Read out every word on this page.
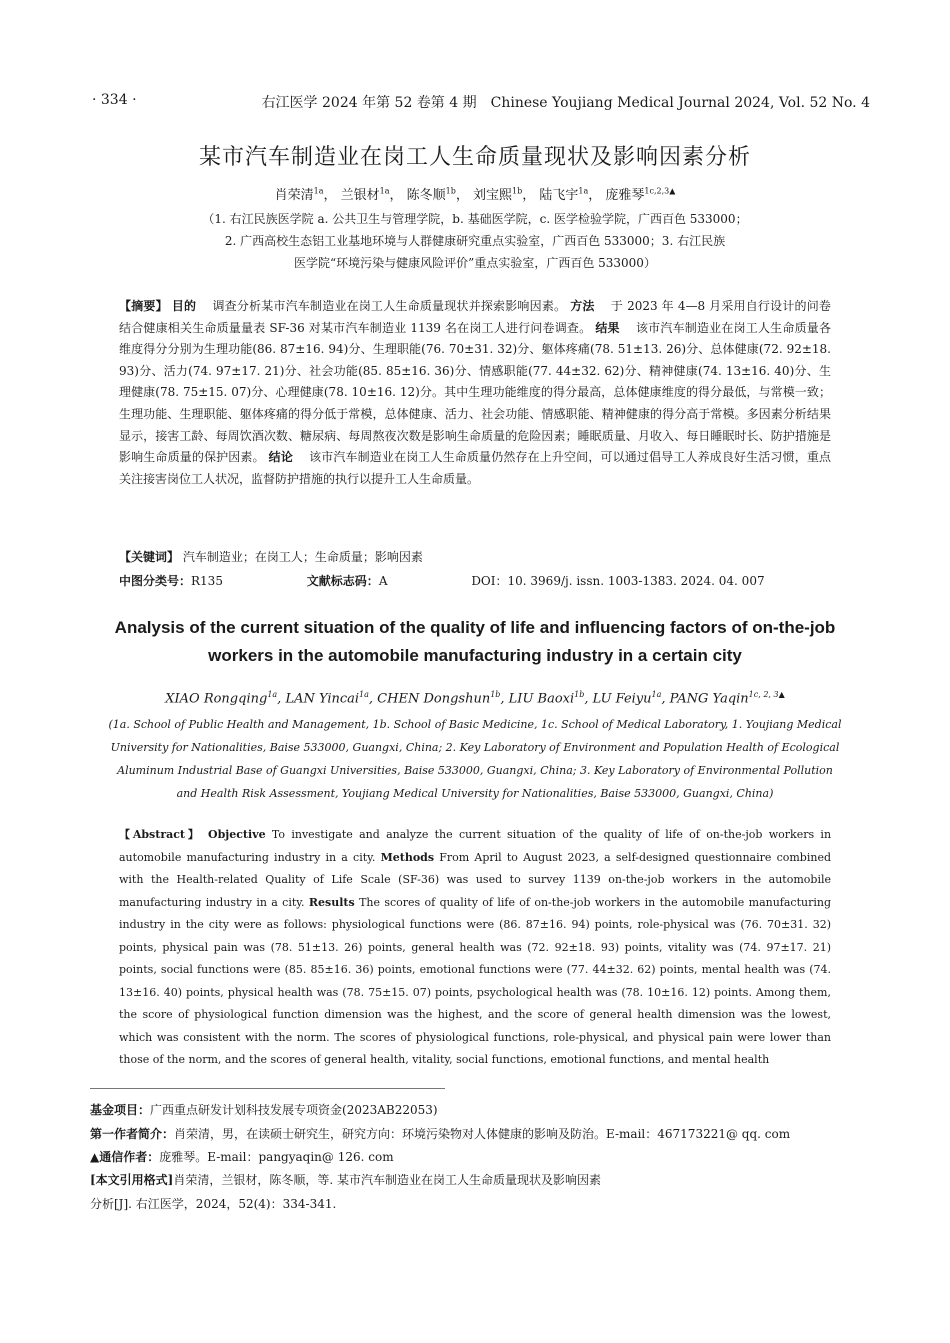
· 334 ·	右江医学 2024 年第 52 卷第 4 期　Chinese Youjiang Medical Journal 2024, Vol. 52 No. 4
某市汽车制造业在岗工人生命质量现状及影响因素分析
肖荣清$^{1a}$， 兰银材$^{1a}$， 陈冬顺$^{1b}$， 刘宝熙$^{1b}$， 陆飞宇$^{1a}$， 庞雅琴$^{1c,2,3▲}$
（1. 右江民族医学院 a. 公共卫生与管理学院，b. 基础医学院，c. 医学检验学院，广西百色 533000；
2. 广西高校生态铝工业基地环境与人群健康研究重点实验室，广西百色 533000；3. 右江民族
医学院“环境污染与健康风险评价”重点实验室，广西百色 533000）
【摘要】 目的　 调查分析某市汽车制造业在岗工人生命质量现状并探索影响因素。 方法　 于 2023 年 4—8 月采用自行设计的问卷结合健康相关生命质量量表 SF-36 对某市汽车制造业 1139 名在岗工人进行问卷调查。 结果　 该市汽车制造业在岗工人生命质量各维度得分分别为生理功能(86. 87±16. 94)分、生理职能(76. 70±31. 32)分、躯体疼痛(78. 51±13. 26)分、总体健康(72. 92±18. 93)分、活力(74. 97±17. 21)分、社会功能(85. 85±16. 36)分、情感职能(77. 44±32. 62)分、精神健康(74. 13±16. 40)分、生理健康(78. 75±15. 07)分、心理健康(78. 10±16. 12)分。其中生理功能维度的得分最高，总体健康维度的得分最低，与常模一致；生理功能、生理职能、躯体疼痛的得分低于常模，总体健康、活力、社会功能、情感职能、精神健康的得分高于常模。多因素分析结果显示，接害工龄、每周饮酒次数、糖尿病、每周熬夜次数是影响生命质量的危险因素；睡眠质量、月收入、每日睡眠时长、防护措施是影响生命质量的保护因素。 结论　 该市汽车制造业在岗工人生命质量仍然存在上升空间，可以通过倡导工人养成良好生活习惯，重点关注接害岗位工人状况，监督防护措施的执行以提升工人生命质量。
【关键词】 汽车制造业；在岗工人；生命质量；影响因素
中图分类号：R135	文献标志码：A	DOI：10. 3969/j. issn. 1003-1383. 2024. 04. 007
Analysis of the current situation of the quality of life and influencing factors of on-the-job workers in the automobile manufacturing industry in a certain city
XIAO Rongqing$^{1a}$, LAN Yincai$^{1a}$, CHEN Dongshun$^{1b}$, LIU Baoxi$^{1b}$, LU Feiyu$^{1a}$, PANG Yaqin$^{1c, 2, 3▲}$
(1a. School of Public Health and Management, 1b. School of Basic Medicine, 1c. School of Medical Laboratory, 1. Youjiang Medical
University for Nationalities, Baise 533000, Guangxi, China; 2. Key Laboratory of Environment and Population Health of Ecological
Aluminum Industrial Base of Guangxi Universities, Baise 533000, Guangxi, China; 3. Key Laboratory of Environmental Pollution
and Health Risk Assessment, Youjiang Medical University for Nationalities, Baise 533000, Guangxi, China)
【Abstract】 Objective To investigate and analyze the current situation of the quality of life of on-the-job workers in automobile manufacturing industry in a city. Methods From April to August 2023, a self-designed questionnaire combined with the Health-related Quality of Life Scale (SF-36) was used to survey 1139 on-the-job workers in the automobile manufacturing industry in a city. Results The scores of quality of life of on-the-job workers in the automobile manufacturing industry in the city were as follows: physiological functions were (86. 87±16. 94) points, role-physical was (76. 70±31. 32) points, physical pain was (78. 51±13. 26) points, general health was (72. 92±18. 93) points, vitality was (74. 97±17. 21) points, social functions were (85. 85±16. 36) points, emotional functions were (77. 44±32. 62) points, mental health was (74. 13±16. 40) points, physical health was (78. 75±15. 07) points, psychological health was (78. 10±16. 12) points. Among them, the score of physiological function dimension was the highest, and the score of general health dimension was the lowest, which was consistent with the norm. The scores of physiological functions, role-physical, and physical pain were lower than those of the norm, and the scores of general health, vitality, social functions, emotional functions, and mental health
基金项目：广西重点研发计划科技发展专项资金(2023AB22053)
第一作者简介：肖荣清，男，在读硕士研究生，研究方向：环境污染物对人体健康的影响及防治。E-mail：467173221@ qq. com
▲通信作者：庞雅琴。E-mail：pangyaqin@ 126. com
[本文引用格式]肖荣清，兰银材，陈冬顺，等. 某市汽车制造业在岗工人生命质量现状及影响因素
分析[J]. 右江医学，2024，52(4)：334-341.
